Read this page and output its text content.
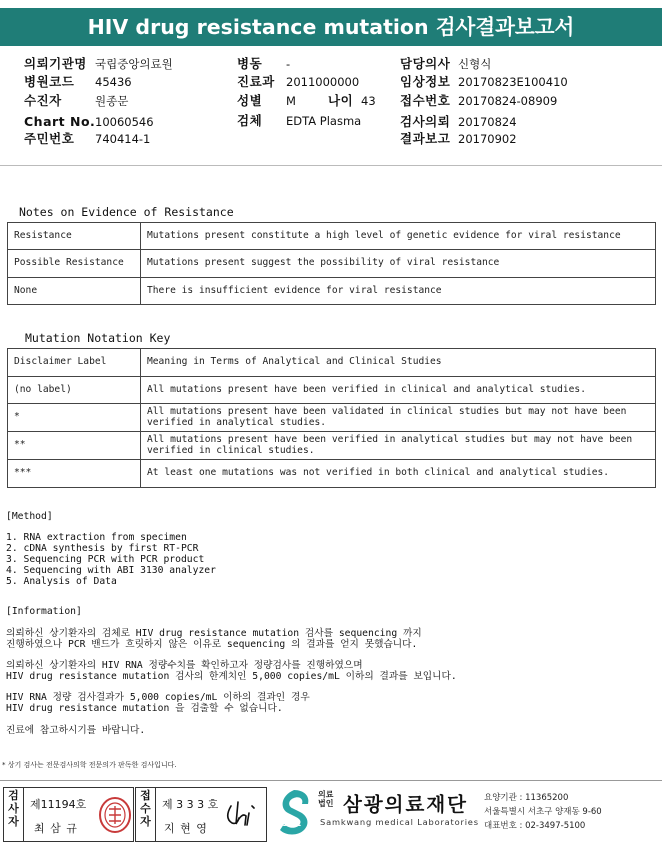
HIV drug resistance mutation 검사결과보고서
의뢰기관명 국립중앙의료원
병원코드 45436
수진자	원종문
Chart No. 10060546
주민번호 740414-1
병동 -
진료과 2011000000
성별 M	나이 43
검체 EDTA Plasma
담당의사 신형식
임상정보 20170823E100410
접수번호 20170824-08909
검사의뢰 20170824
결과보고 20170902
Notes on Evidence of Resistance
Resistance	Mutations present constitute a high level of genetic evidence for viral resistance
Possible Resistance	Mutations present suggest the possibility of viral resistance
None	There is insufficient evidence for viral resistance
Mutation Notation Key
Disclaimer Label	Meaning in Terms of Analytical and Clinical Studies
(no label)	All mutations present have been verified in clinical and analytical studies.
*	All mutations present have been validated in clinical studies but may not have been verified in analytical studies.
**	All mutations present have been verified in analytical studies but may not have been verified in clinical studies.
***	At least one mutations was not verified in both clinical and analytical studies.
[Method]
1. RNA extraction from specimen
2. cDNA synthesis by first RT-PCR
3. Sequencing PCR with PCR product
4. Sequencing with ABI 3130 analyzer
5. Analysis of Data
[Information]
의뢰하신 상기환자의 검체로 HIV drug resistance mutation 검사를 sequencing 까지
진행하였으나 PCR 밴드가 흐릿하지 않은 이유로 sequencing 의 결과를 얻지 못했습니다.
의뢰하신 상기환자의 HIV RNA 정량수치를 확인하고자 정량검사를 진행하였으며
HIV drug resistance mutation 검사의 한계치인 5,000 copies/mL 이하의 결과를 보입니다.
HIV RNA 정량 검사결과가 5,000 copies/mL 이하의 결과인 경우
HIV drug resistance mutation 을 검출할 수 없습니다.
진료에 참고하시기를 바랍니다.
* 상기 검사는 전문검사의학 전문의가 판독한 검사입니다.
검사자
제11194호
최 삼 규
접수자
제 3 3 3 호
지 현 영	SML
의료
법인 삼광의료재단
Samkwang medical Laboratories
요양기관 : 11365200
서울특별시 서초구 양재동 9-60
대표번호 : 02-3497-5100
